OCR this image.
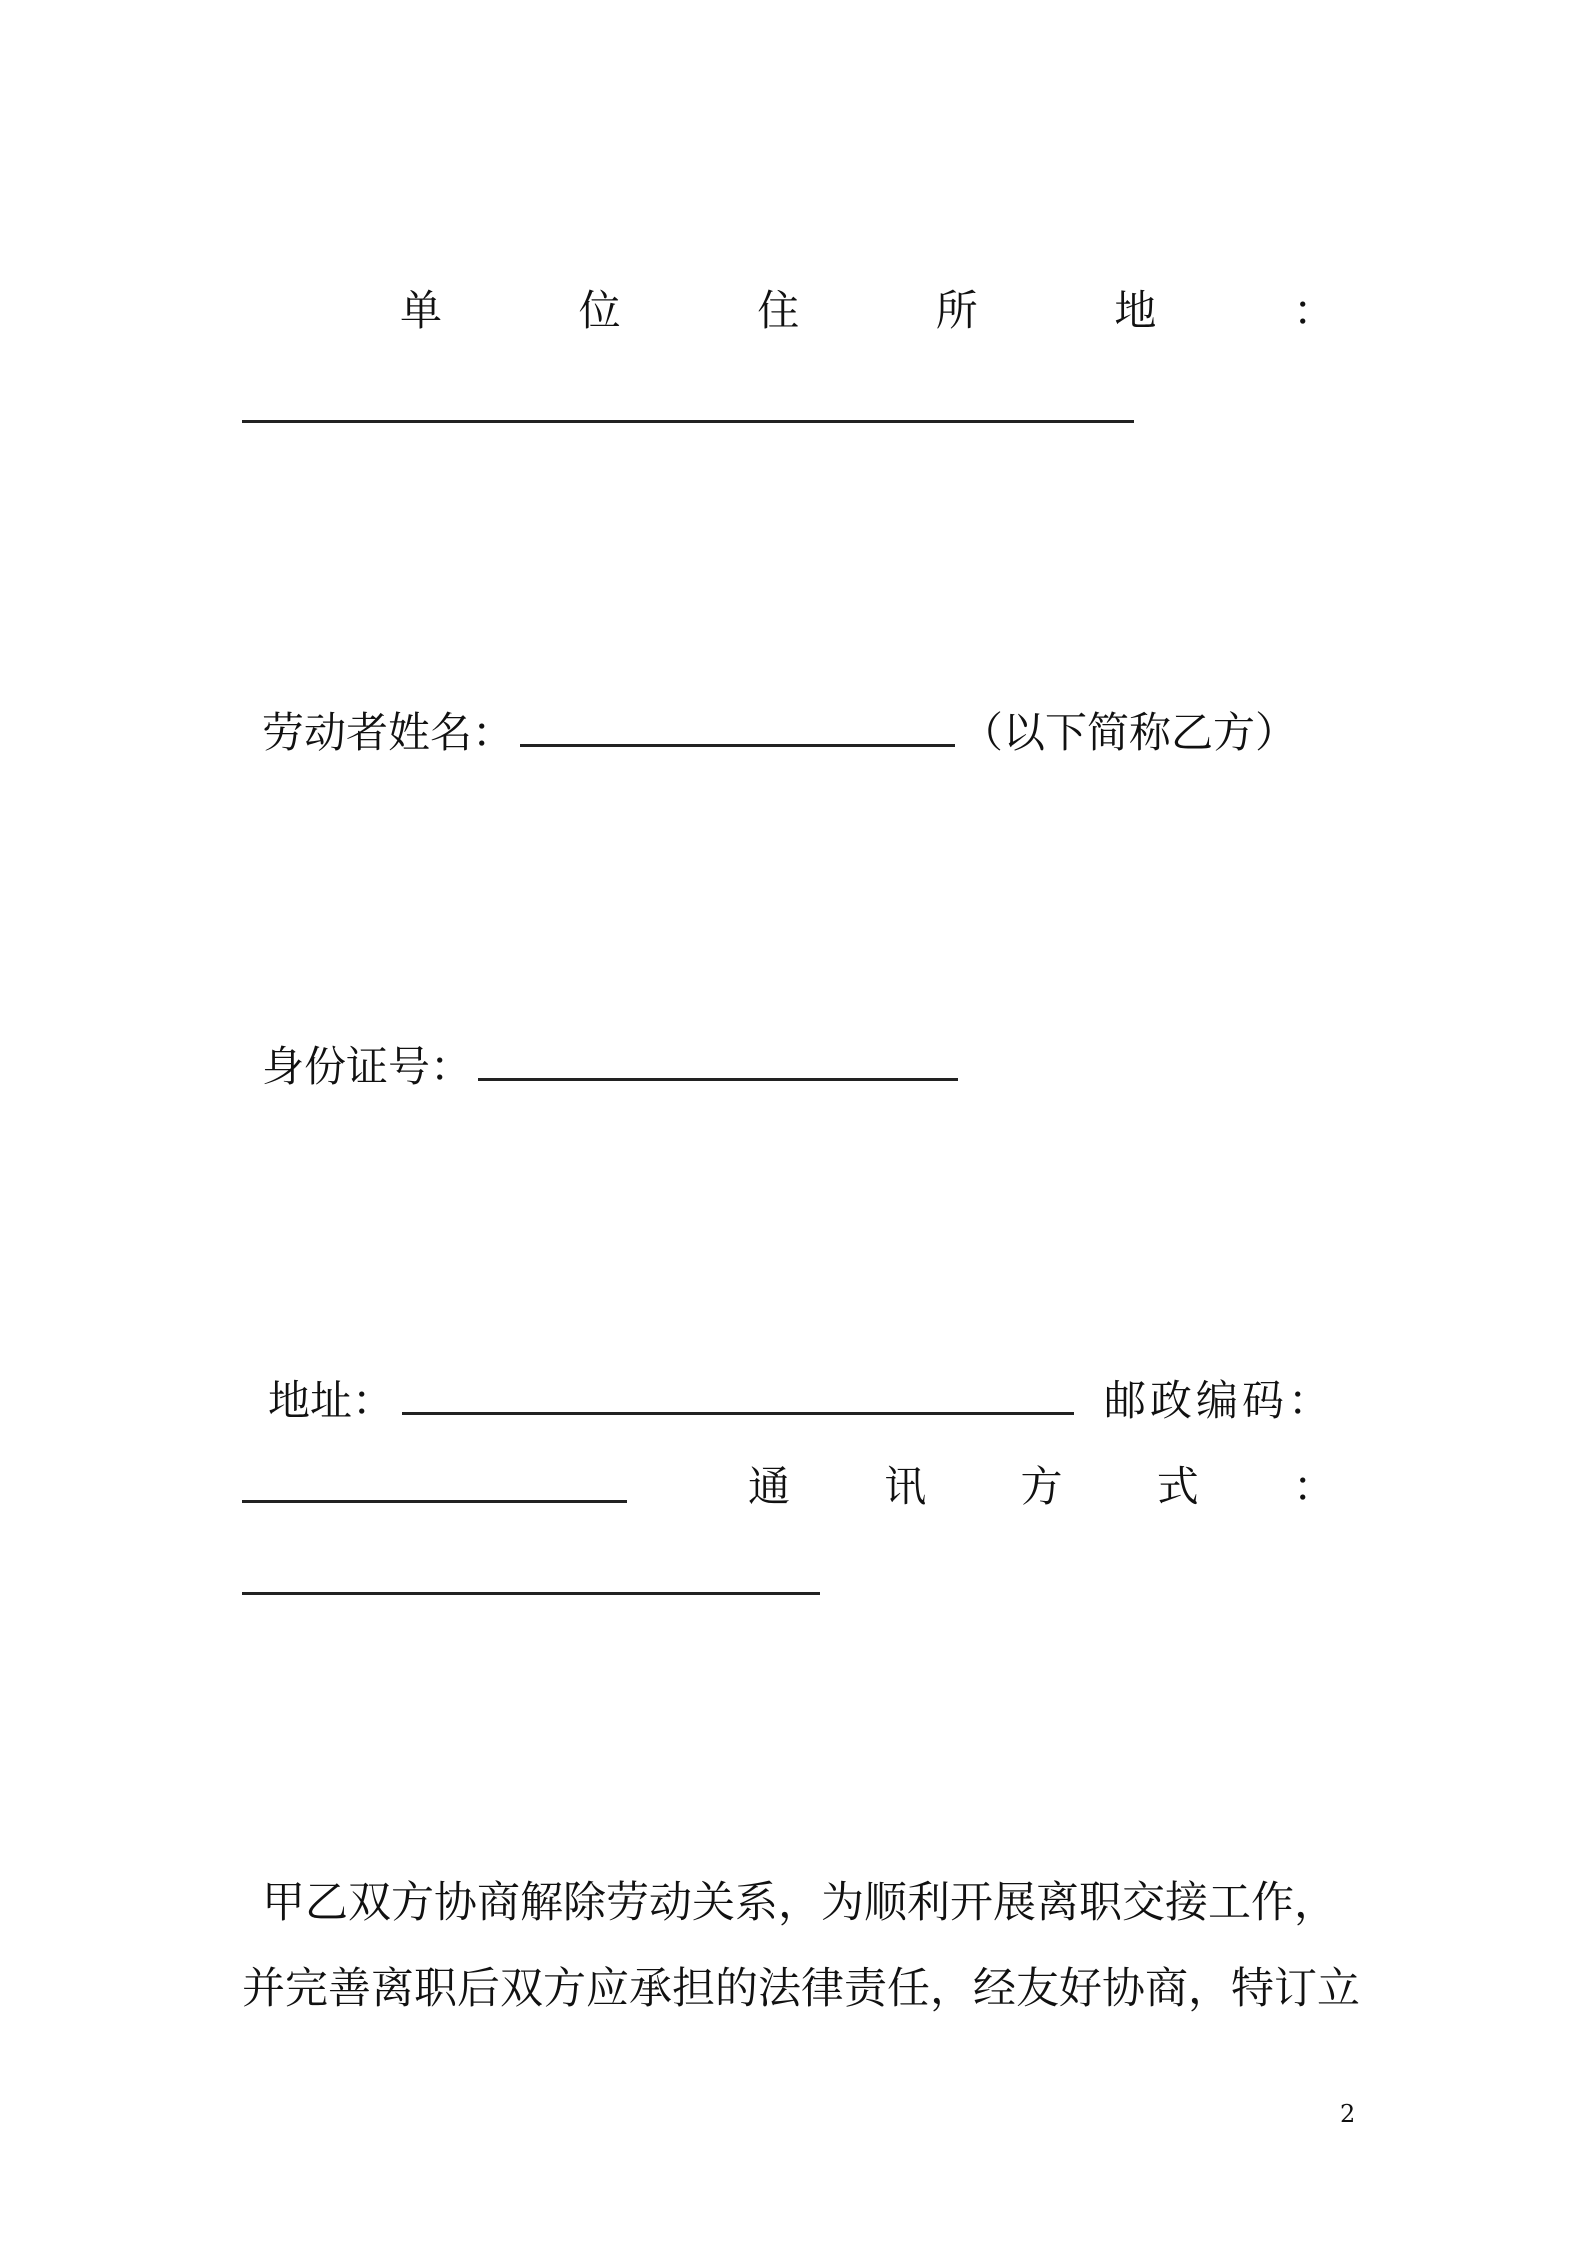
单	位	住	所	地	：
劳动者姓名：	（以下简称乙方）
身份证号：
地址：	邮政编码：
通 讯 方 式 ：
甲乙双方协商解除劳动关系，为顺利开展离职交接工作，
并完善离职后双方应承担的法律责任，经友好协商，特订立
2
